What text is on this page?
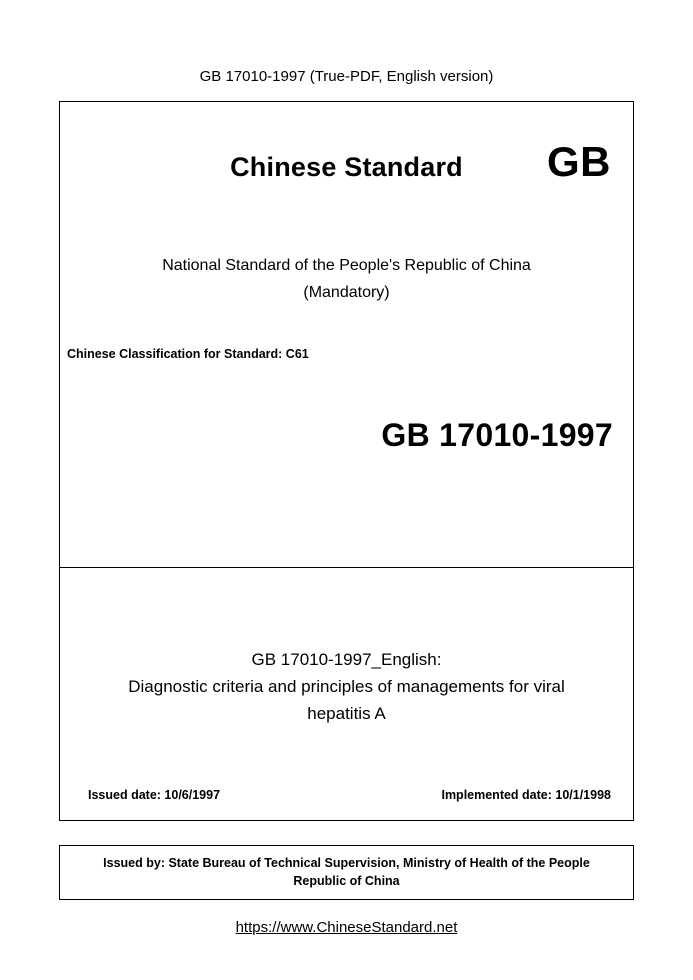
GB 17010-1997 (True-PDF, English version)
Chinese Standard GB
National Standard of the People's Republic of China
(Mandatory)
Chinese Classification for Standard: C61
GB 17010-1997
GB 17010-1997_English:
Diagnostic criteria and principles of managements for viral
hepatitis A
Issued date: 10/6/1997	Implemented date: 10/1/1998
Issued by: State Bureau of Technical Supervision, Ministry of Health of the People
Republic of China
https://www.ChineseStandard.net
